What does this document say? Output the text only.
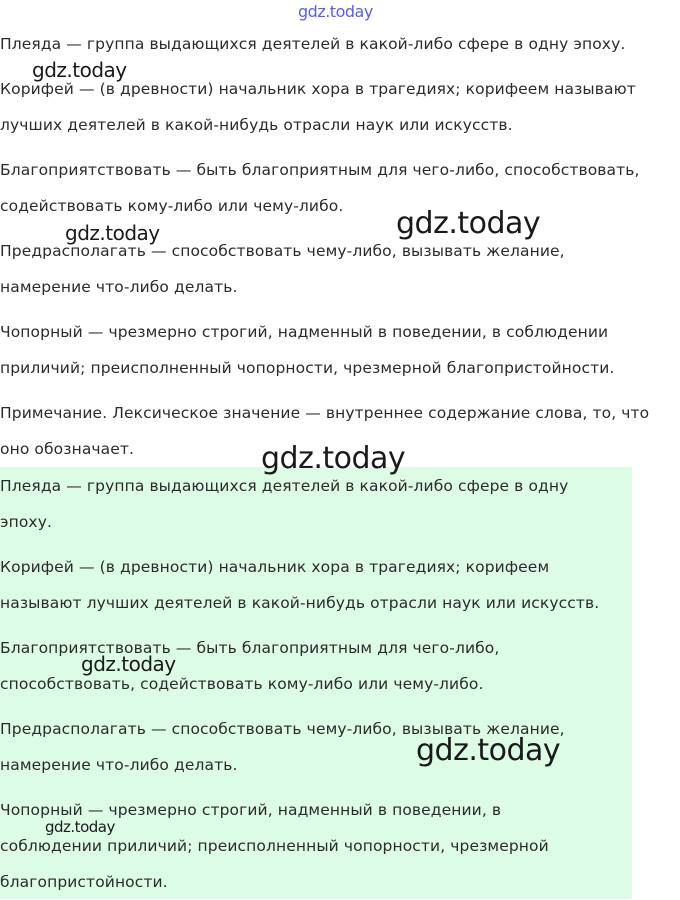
Плеяда — группа выдающихся деятелей в какой-либо сфере в одну эпоху.

Корифей — (в древности) начальник хора в трагедиях; корифеем называют
лучших деятелей в какой-нибудь отрасли наук или искусств.

Благоприятствовать — быть благоприятным для чего-либо, способствовать,
содействовать кому-либо или чему-либо.

Предрасполагать — способствовать чему-либо, вызывать желание,
намерение что-либо делать.

Чопорный — чрезмерно строгий, надменный в поведении, в соблюдении
приличий; преисполненный чопорности, чрезмерной благопристойности.

Примечание. Лексическое значение — внутреннее содержание слова, то, что
оно обозначает.

Плеяда — группа выдающихся деятелей в какой-либо сфере в одну
эпоху.

Корифей — (в древности) начальник хора в трагедиях; корифеем
называют лучших деятелей в какой-нибудь отрасли наук или искусств.

Благоприятствовать — быть благоприятным для чего-либо,
способствовать, содействовать кому-либо или чему-либо.

Предрасполагать — способствовать чему-либо, вызывать желание,
намерение что-либо делать.

Чопорный — чрезмерно строгий, надменный в поведении, в
соблюдении приличий; преисполненный чопорности, чрезмерной
благопристойности.

gdz.today
gdz.today
gdz.today	gdz.today
gdz.today
gdz.today
gdz.today
gdz.today
